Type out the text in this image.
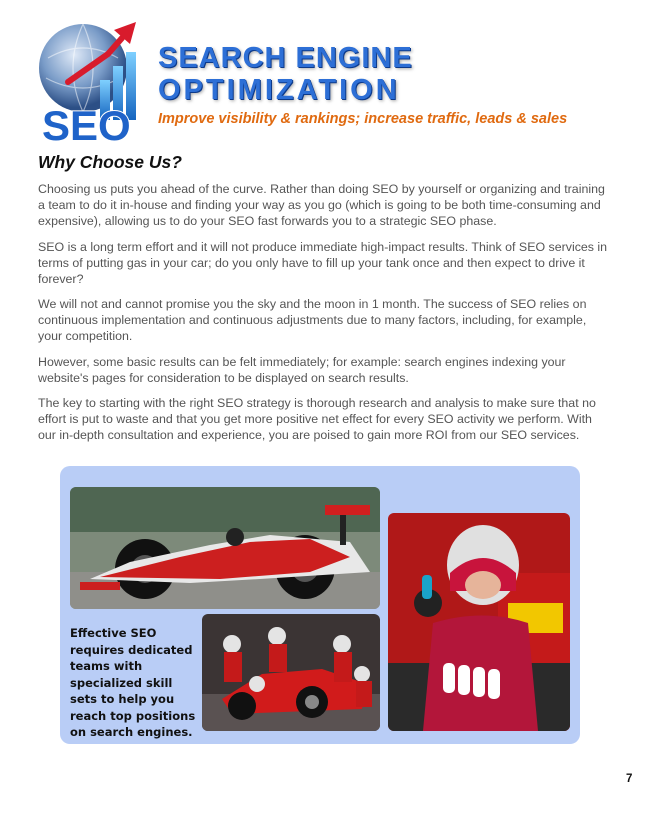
SEO
SEARCH ENGINE
OPTIMIZATION
Improve visibility & rankings; increase traffic, leads & sales
Why Choose Us?

Choosing us puts you ahead of the curve. Rather than doing SEO by yourself or organizing and training a team to do it in-house and finding your way as you go (which is going to be both time-consuming and expensive), allowing us to do your SEO fast forwards you to a strategic SEO phase.

SEO is a long term effort and it will not produce immediate high-impact results. Think of SEO services in terms of putting gas in your car; do you only have to fill up your tank once and then expect to drive it forever?

We will not and cannot promise you the sky and the moon in 1 month. The success of SEO relies on continuous implementation and continuous adjustments due to many factors, including, for example, your competition.

However, some basic results can be felt immediately; for example: search engines indexing your website's pages for consideration to be displayed on search results.

The key to starting with the right SEO strategy is thorough research and analysis to make sure that no effort is put to waste and that you get more positive net effect for every SEO activity we perform. With our in-depth consultation and experience, you are poised to gain more ROI from our SEO services.

Effective SEO requires dedicated teams with specialized skill sets to help you reach top positions on search engines.
7
